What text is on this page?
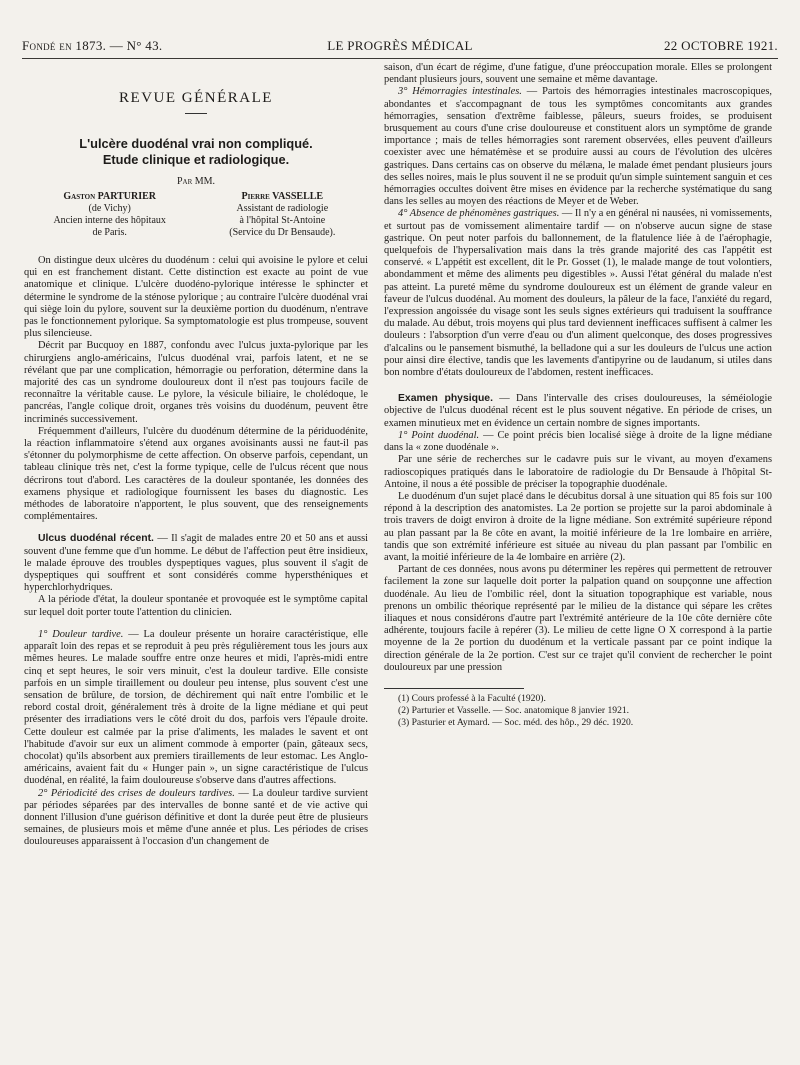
Fondé en 1873. — N° 43.	LE PROGRÈS MÉDICAL	22 OCTOBRE 1921.
REVUE GÉNÉRALE
L'ulcère duodénal vrai non compliqué.
Etude clinique et radiologique.
Par MM.
Gaston PARTURIER
(de Vichy)
Ancien interne des hôpitaux
de Paris.
Pierre VASSELLE
Assistant de radiologie
à l'hôpital St-Antoine
(Service du Dr Bensaude).

On distingue deux ulcères du duodénum : celui qui avoisine le pylore et celui qui en est franchement distant. Cette distinction est exacte au point de vue anatomique et clinique. L'ulcère duodéno-pylorique intéresse le sphincter et détermine le syndrome de la sténose pylorique ; au contraire l'ulcère duodénal vrai qui siège loin du pylore, souvent sur la deuxième portion du duodénum, n'entrave pas le fonctionnement pylorique. Sa symptomatologie est plus trompeuse, souvent plus silencieuse.

Décrit par Bucquoy en 1887, confondu avec l'ulcus juxta-pylorique par les chirurgiens anglo-américains, l'ulcus duodénal vrai, parfois latent, et ne se révélant que par une complication, hémorragie ou perforation, détermine dans la majorité des cas un syndrome douloureux dont il n'est pas toujours facile de reconnaître la véritable cause. Le pylore, la vésicule biliaire, le cholédoque, le pancréas, l'angle colique droit, organes très voisins du duodénum, peuvent être incriminés successivement.

Fréquemment d'ailleurs, l'ulcère du duodénum détermine de la périduodénite, la réaction inflammatoire s'étend aux organes avoisinants aussi ne faut-il pas s'étonner du polymorphisme de cette affection. On observe parfois, cependant, un tableau clinique très net, c'est la forme typique, celle de l'ulcus récent que nous décrirons tout d'abord. Les caractères de la douleur spontanée, les données des examens physique et radiologique fournissent les bases du diagnostic. Les méthodes de laboratoire n'apportent, le plus souvent, que des renseignements complémentaires.

Ulcus duodénal récent. — Il s'agit de malades entre 20 et 50 ans et aussi souvent d'une femme que d'un homme. Le début de l'affection peut être insidieux, le malade éprouve des troubles dyspeptiques vagues, plus souvent il s'agit de dyspeptiques qui souffrent et sont considérés comme hypersthéniques et hyperchlorhydriques.

A la période d'état, la douleur spontanée et provoquée est le symptôme capital sur lequel doit porter toute l'attention du clinicien.

1° Douleur tardive. — La douleur présente un horaire caractéristique, elle apparaît loin des repas et se reproduit à peu près régulièrement tous les jours aux mêmes heures. Le malade souffre entre onze heures et midi, l'après-midi entre cinq et sept heures, le soir vers minuit, c'est la douleur tardive. Elle consiste parfois en un simple tiraillement ou douleur peu intense, plus souvent c'est une sensation de brûlure, de torsion, de déchirement qui naît entre l'ombilic et le rebord costal droit, généralement très à droite de la ligne médiane et qui peut présenter des irradiations vers le côté droit du dos, parfois vers l'épaule droite. Cette douleur est calmée par la prise d'aliments, les malades le savent et ont l'habitude d'avoir sur eux un aliment commode à emporter (pain, gâteaux secs, chocolat) qu'ils absorbent aux premiers tiraillements de leur estomac. Les Anglo-américains, avaient fait du « Hunger pain », un signe caractéristique de l'ulcus duodénal, en réalité, la faim douloureuse s'observe dans d'autres affections.

2° Périodicité des crises de douleurs tardives. — La douleur tardive survient par périodes séparées par des intervalles de bonne santé et de vie active qui donnent l'illusion d'une guérison définitive et dont la durée peut être de plusieurs semaines, de plusieurs mois et même d'une année et plus. Les périodes de crises douloureuses apparaissent à l'occasion d'un changement de

saison, d'un écart de régime, d'une fatigue, d'une préoccupation morale. Elles se prolongent pendant plusieurs jours, souvent une semaine et même davantage.

3° Hémorragies intestinales. — Partois des hémorragies intestinales macroscopiques, abondantes et s'accompagnant de tous les symptômes concomitants aux grandes hémorragies, sensation d'extrême faiblesse, pâleurs, sueurs froides, se produisent brusquement au cours d'une crise douloureuse et constituent alors un symptôme de grande importance ; mais de telles hémorragies sont rarement observées, elles peuvent d'ailleurs coexister avec une hématémèse et se produire aussi au cours de l'évolution des ulcères gastriques. Dans certains cas on observe du mélæna, le malade émet pendant plusieurs jours des selles noires, mais le plus souvent il ne se produit qu'un simple suintement sanguin et ces hémorragies occultes doivent être mises en évidence par la recherche systématique du sang dans les selles au moyen des réactions de Meyer et de Weber.

4° Absence de phénomènes gastriques. — Il n'y a en général ni nausées, ni vomissements, et surtout pas de vomissement alimentaire tardif — on n'observe aucun signe de stase gastrique. On peut noter parfois du ballonnement, de la flatulence liée à de l'aérophagie, quelquefois de l'hypersalivation mais dans la très grande majorité des cas l'appétit est conservé. « L'appétit est excellent, dit le Pr. Gosset (1), le malade mange de tout volontiers, abondamment et même des aliments peu digestibles ». Aussi l'état général du malade n'est pas atteint. La pureté même du syndrome douloureux est un élément de grande valeur en faveur de l'ulcus duodénal. Au moment des douleurs, la pâleur de la face, l'anxiété du regard, l'expression angoissée du visage sont les seuls signes extérieurs qui traduisent la souffrance du malade. Au début, trois moyens qui plus tard deviennent inefficaces suffisent à calmer les douleurs : l'absorption d'un verre d'eau ou d'un aliment quelconque, des doses progressives d'alcalins ou le pansement bismuthé, la belladone qui a sur les douleurs de l'ulcus une action pour ainsi dire élective, tandis que les lavements d'antipyrine ou de laudanum, si utiles dans bon nombre d'états douloureux de l'abdomen, restent inefficaces.

Examen physique. — Dans l'intervalle des crises douloureuses, la séméiologie objective de l'ulcus duodénal récent est le plus souvent négative. En période de crises, un examen minutieux met en évidence un certain nombre de signes importants.

1° Point duodénal. — Ce point précis bien localisé siège à droite de la ligne médiane dans la « zone duodénale ».

Par une série de recherches sur le cadavre puis sur le vivant, au moyen d'examens radioscopiques pratiqués dans le laboratoire de radiologie du Dr Bensaude à l'hôpital St-Antoine, il nous a été possible de préciser la topographie duodénale.

Le duodénum d'un sujet placé dans le décubitus dorsal à une situation qui 85 fois sur 100 répond à la description des anatomistes. La 2e portion se projette sur la paroi abdominale à trois travers de doigt environ à droite de la ligne médiane. Son extrémité supérieure répond au plan passant par la 8e côte en avant, la moitié inférieure de la 1re lombaire en arrière, tandis que son extrémité inférieure est située au niveau du plan passant par l'ombilic en avant, la moitié inférieure de la 4e lombaire en arrière (2).

Partant de ces données, nous avons pu déterminer les repères qui permettent de retrouver facilement la zone sur laquelle doit porter la palpation quand on soupçonne une affection duodénale. Au lieu de l'ombilic réel, dont la situation topographique est variable, nous prenons un ombilic théorique représenté par le milieu de la distance qui sépare les crêtes iliaques et nous considérons d'autre part l'extrémité antérieure de la 10e côte dernière côte adhérente, toujours facile à repérer (3). Le milieu de cette ligne O X correspond à la partie moyenne de la 2e portion du duodénum et la verticale passant par ce point indique la direction générale de la 2e portion. C'est sur ce trajet qu'il convient de rechercher le point douloureux par une pression

(1) Cours professé à la Faculté (1920).

(2) Parturier et Vasselle. — Soc. anatomique 8 janvier 1921.

(3) Pasturier et Aymard. — Soc. méd. des hôp., 29 déc. 1920.
